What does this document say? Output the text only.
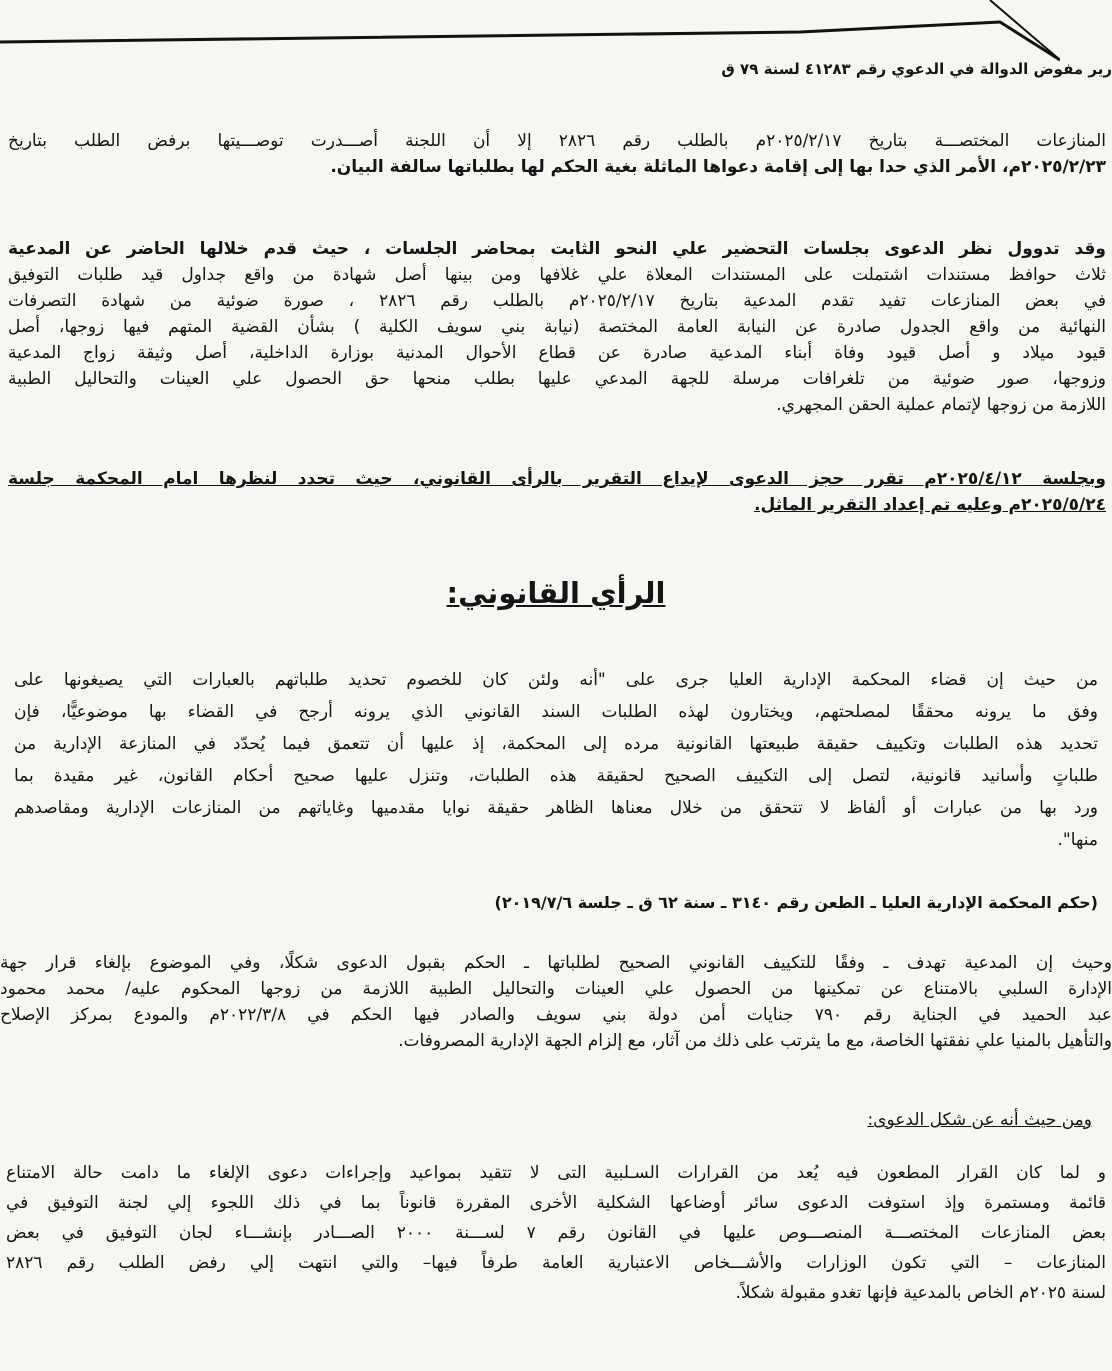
رير مفوض الدوالة في الدعوي رقم ٤١٢٨٣ لسنة ٧٩ ق
المنازعات المختصـــة بتاريخ ٢٠٢٥/٢/١٧م بالطلب رقم ٢٨٢٦ إلا أن اللجنة أصـــدرت توصـــيتها برفض الطلب بتاريخ
٢٠٢٥/٢/٢٣م، الأمر الذي حدا بها إلى إقامة دعواها الماثلة بغية الحكم لها بطلباتها سالفة البيان.
وقد تدوول نظر الدعوى بجلسات التحضير علي النحو الثابت بمحاضر الجلسات ، حيث قدم خلالها الحاضر عن المدعية
ثلاث حوافظ مستندات اشتملت على المستندات المعلاة علي غلافها ومن بينها أصل شهادة من واقع جداول قيد طلبات التوفيق
في بعض المنازعات تفيد تقدم المدعية بتاريخ ٢٠٢٥/٢/١٧م بالطلب رقم ٢٨٢٦ ، صورة ضوئية من شهادة التصرفات
النهائية من واقع الجدول صادرة عن النيابة العامة المختصة (نيابة بني سويف الكلية ) بشأن القضية المتهم فيها زوجها، أصل
قيود ميلاد و أصل قيود وفاة أبناء المدعية صادرة عن قطاع الأحوال المدنية بوزارة الداخلية، أصل وثيقة زواج المدعية
وزوجها، صور ضوئية من تلغرافات مرسلة للجهة المدعي عليها بطلب منحها حق الحصول علي العينات والتحاليل الطبية
اللازمة من زوجها لإتمام عملية الحقن المجهري.
وبجلسة ٢٠٢٥/٤/١٢م تقرر حجز الدعوى لإيداع التقرير بالرأى القانوني، حيث تحدد لنظرها امام المحكمة جلسة
٢٠٢٥/٥/٢٤م وعليه تم إعداد التقرير الماثل.
الرأي القانوني:
من حيث إن قضاء المحكمة الإدارية العليا جرى على "أنه ولئن كان للخصوم تحديد طلباتهم بالعبارات التي يصيغونها على
وفق ما يرونه محققًا لمصلحتهم، ويختارون لهذه الطلبات السند القانوني الذي يرونه أرجح في القضاء بها موضوعيًّا، فإن
تحديد هذه الطلبات وتكييف حقيقة طبيعتها القانونية مرده إلى المحكمة، إذ عليها أن تتعمق فيما يُحدّد في المنازعة الإدارية من
طلباتٍ وأسانيد قانونية، لتصل إلى التكييف الصحيح لحقيقة هذه الطلبات، وتنزل عليها صحيح أحكام القانون، غير مقيدة بما
ورد بها من عبارات أو ألفاظ لا تتحقق من خلال معناها الظاهر حقيقة نوايا مقدميها وغاياتهم من المنازعات الإدارية ومقاصدهم
منها".
(حكم المحكمة الإدارية العليا ـ الطعن رقم ٣١٤٠ ـ سنة ٦٢ ق ـ جلسة ٢٠١٩/٧/٦)
وحيث إن المدعية تهدف ـ وفقًا للتكييف القانوني الصحيح لطلباتها ـ الحكم بقبول الدعوى شكلًا، وفي الموضوع بإلغاء قرار جهة
الإدارة السلبي بالامتناع عن تمكينها من الحصول علي العينات والتحاليل الطبية اللازمة من زوجها المحكوم عليه/ محمد محمود
عبد الحميد في الجناية رقم ٧٩٠ جنايات أمن دولة بني سويف والصادر فيها الحكم في ٢٠٢٢/٣/٨م والمودع بمركز الإصلاح
والتأهيل بالمنيا علي نفقتها الخاصة، مع ما يترتب على ذلك من آثار، مع إلزام الجهة الإدارية المصروفات.
ومن حيث أنه عن شكل الدعوى:
و لما كان القرار المطعون فيه يُعد من القرارات السـلبية التى لا تتقيد بمواعيد وإجراءات دعوى الإلغاء ما دامت حالة الامتناع
قائمة ومستمرة وإذ استوفت الدعوى سائر أوضاعها الشكلية الأخرى المقررة قانوناً بما في ذلك اللجوء إلي لجنة التوفيق في
بعض المنازعات المختصـــة المنصـــوص عليها في القانون رقم ٧ لســـنة ٢٠٠٠ الصـــادر بإنشـــاء لجان التوفيق في بعض
المنازعات – التي تكون الوزارات والأشـــخاص الاعتبارية العامة طرفاً فيها– والتي انتهت إلي رفض الطلب رقم ٢٨٢٦
لسنة ٢٠٢٥م الخاص بالمدعية فإنها تغدو مقبولة شكلاً.
